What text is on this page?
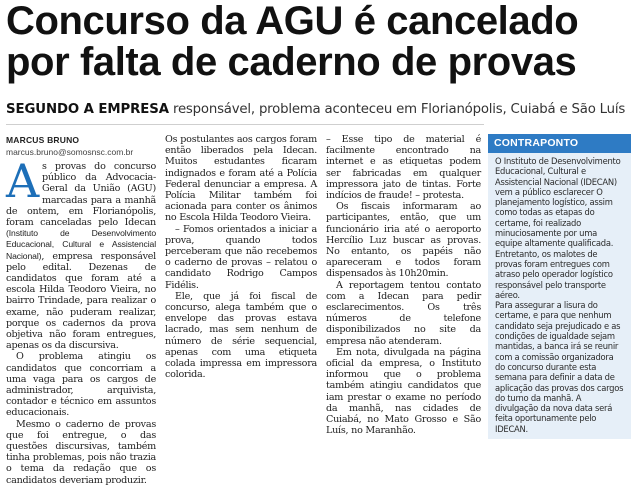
Concurso da AGU é cancelado por falta de caderno de provas
SEGUNDO A EMPRESA responsável, problema aconteceu em Florianópolis, Cuiabá e São Luís
MARCUS BRUNO
marcus.bruno@somosnsc.com.br

As provas do concurso público da Advocacia-Geral da União (AGU) marcadas para a manhã de ontem, em Florianópolis, foram canceladas pelo Idecan (Instituto de Desenvolvimento Educacional, Cultural e Assistencial Nacional), empresa responsável pelo edital. Dezenas de candidatos que foram até a escola Hilda Teodoro Vieira, no bairro Trindade, para realizar o exame, não puderam realizar, porque os cadernos da prova objetiva não foram entregues, apenas os da discursiva.

O problema atingiu os candidatos que concorriam a uma vaga para os cargos de administrador, arquivista, contador e técnico em assuntos educacionais.

Mesmo o caderno de provas que foi entregue, o das questões discursivas, também tinha problemas, pois não trazia o tema da redação que os candidatos deveriam produzir.

Os postulantes aos cargos foram então liberados pela Idecan. Muitos estudantes ficaram indignados e foram até a Polícia Federal denunciar a empresa. A Polícia Militar também foi acionada para conter os ânimos no Escola Hilda Teodoro Vieira.

– Fomos orientados a iniciar a prova, quando todos perceberam que não recebemos o caderno de provas – relatou o candidato Rodrigo Campos Fidélis.

Ele, que já foi fiscal de concurso, alega também que o envelope das provas estava lacrado, mas sem nenhum de número de série sequencial, apenas com uma etiqueta colada impressa em impressora colorida.

– Esse tipo de material é facilmente encontrado na internet e as etiquetas podem ser fabricadas em qualquer impressora jato de tintas. Forte indícios de fraude! – protesta.

Os fiscais informaram ao participantes, então, que um funcionário iria até o aeroporto Hercílio Luz buscar as provas. No entanto, os papéis não apareceram e todos foram dispensados às 10h20min.

A reportagem tentou contato com a Idecan para pedir esclarecimentos. Os três números de telefone disponibilizados no site da empresa não atenderam.

Em nota, divulgada na página oficial da empresa, o Instituto informou que o problema também atingiu candidatos que iam prestar o exame no período da manhã, nas cidades de Cuiabá, no Mato Grosso e São Luís, no Maranhão.

CONTRAPONTO

O Instituto de Desenvolvimento Educacional, Cultural e Assistencial Nacional (IDECAN) vem a público esclarecer O planejamento logístico, assim como todas as etapas do certame, foi realizado minuciosamente por uma equipe altamente qualificada. Entretanto, os malotes de provas foram entregues com atraso pelo operador logístico responsável pelo transporte aéreo.

Para assegurar a lisura do certame, e para que nenhum candidato seja prejudicado e as condições de igualdade sejam mantidas, a banca irá se reunir com a comissão organizadora do concurso durante esta semana para definir a data de aplicação das provas dos cargos do turno da manhã. A divulgação da nova data será feita oportunamente pelo IDECAN.
